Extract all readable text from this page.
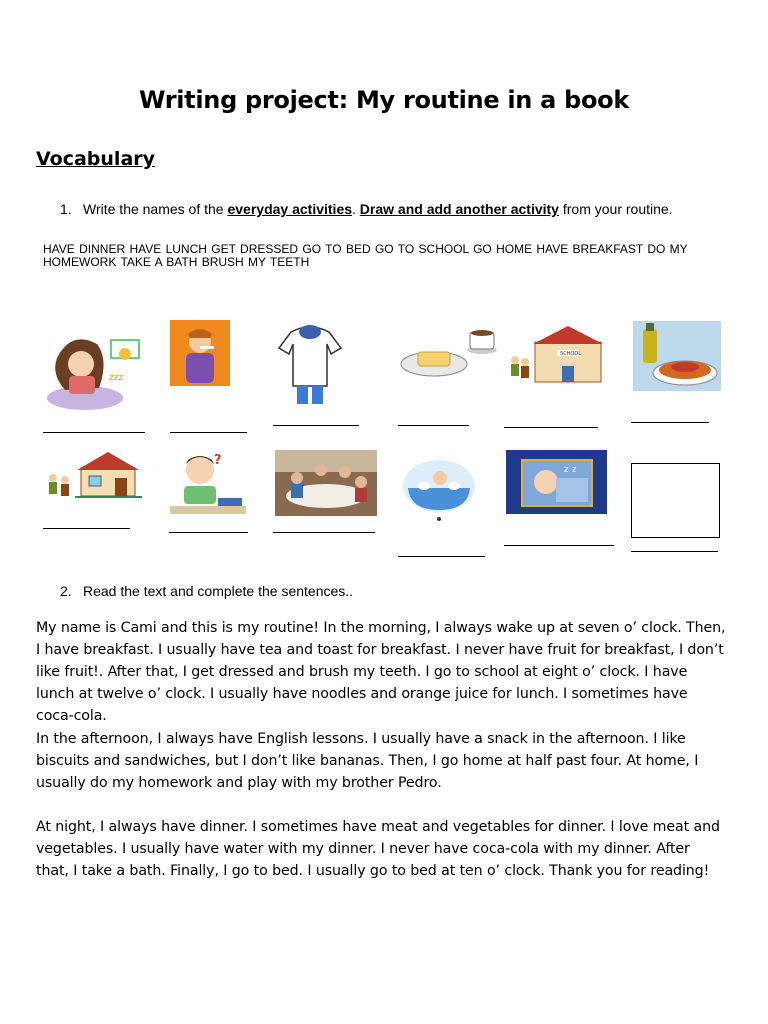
Writing project: My routine in a book
Vocabulary
1. Write the names of the everyday activities. Draw and add another activity from your routine.
HAVE DINNER HAVE LUNCH GET DRESSED GO TO BED GO TO SCHOOL GO HOME HAVE BREAKFAST DO MY HOMEWORK TAKE A BATH BRUSH MY TEETH
zzz
SCHOOL
?
z z
2. Read the text and complete the sentences..
My name is Cami and this is my routine! In the morning, I always wake up at seven o’ clock. Then, I have breakfast. I usually have tea and toast for breakfast. I never have fruit for breakfast, I don’t like fruit!. After that, I get dressed and brush my teeth. I go to school at eight o’ clock. I have lunch at twelve o’ clock. I usually have noodles and orange juice for lunch. I sometimes have coca-cola.
In the afternoon, I always have English lessons. I usually have a snack in the afternoon. I like biscuits and sandwiches, but I don’t like bananas. Then, I go home at half past four. At home, I usually do my homework and play with my brother Pedro.
At night, I always have dinner. I sometimes have meat and vegetables for dinner. I love meat and vegetables. I usually have water with my dinner. I never have coca-cola with my dinner. After that, I take a bath. Finally, I go to bed. I usually go to bed at ten o’ clock. Thank you for reading!
